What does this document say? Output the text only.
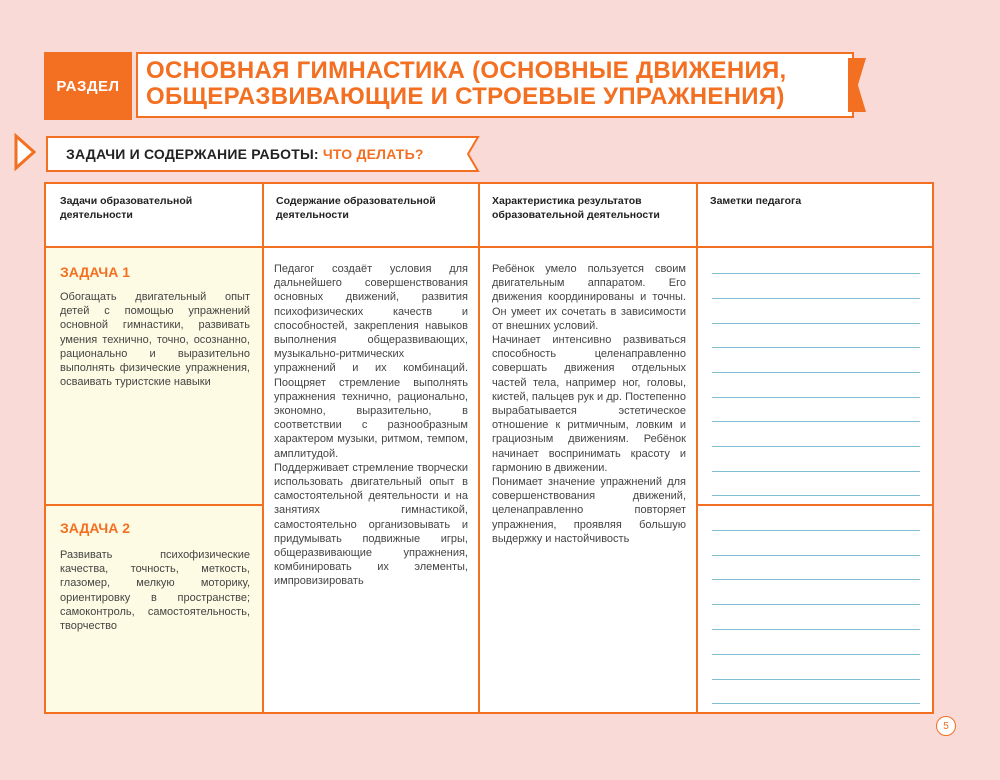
РАЗДЕЛ
ОСНОВНАЯ ГИМНАСТИКА (ОСНОВНЫЕ ДВИЖЕНИЯ,
ОБЩЕРАЗВИВАЮЩИЕ И СТРОЕВЫЕ УПРАЖНЕНИЯ)
ЗАДАЧИ И СОДЕРЖАНИЕ РАБОТЫ: ЧТО ДЕЛАТЬ?
Задачи образовательной деятельности
Содержание образовательной деятельности
Характеристика результатов образовательной деятельности
Заметки педагога
ЗАДАЧА 1
Обогащать двигательный опыт детей с помощью упражнений основной гимнастики, развивать умения технично, точно, осознанно, рационально и выразительно выполнять физические упражнения, осваивать туристские навыки
ЗАДАЧА 2
Развивать психофизические качества, точность, меткость, глазомер, мелкую моторику, ориентировку в пространстве; самоконтроль, самостоятельность, творчество
Педагог создаёт условия для дальнейшего совершенствования основных движений, развития психофизических качеств и способностей, закрепления навыков выполнения общеразвивающих, музыкально-ритмических упражнений и их комбинаций. Поощряет стремление выполнять упражнения технично, рационально, экономно, выразительно, в соответствии с разнообразным характером музыки, ритмом, темпом, амплитудой.
Поддерживает стремление творчески использовать двигательный опыт в самостоятельной деятельности и на занятиях гимнастикой, самостоятельно организовывать и придумывать подвижные игры, общеразвивающие упражнения, комбинировать их элементы, импровизировать
Ребёнок умело пользуется своим двигательным аппаратом. Его движения координированы и точны. Он умеет их сочетать в зависимости от внешних условий.
Начинает интенсивно развиваться способность целенаправленно совершать движения отдельных частей тела, например ног, головы, кистей, пальцев рук и др. Постепенно вырабатывается эстетическое отношение к ритмичным, ловким и грациозным движениям. Ребёнок начинает воспринимать красоту и гармонию в движении.
Понимает значение упражнений для совершенствования движений, целенаправленно повторяет упражнения, проявляя большую выдержку и настойчивость
5
